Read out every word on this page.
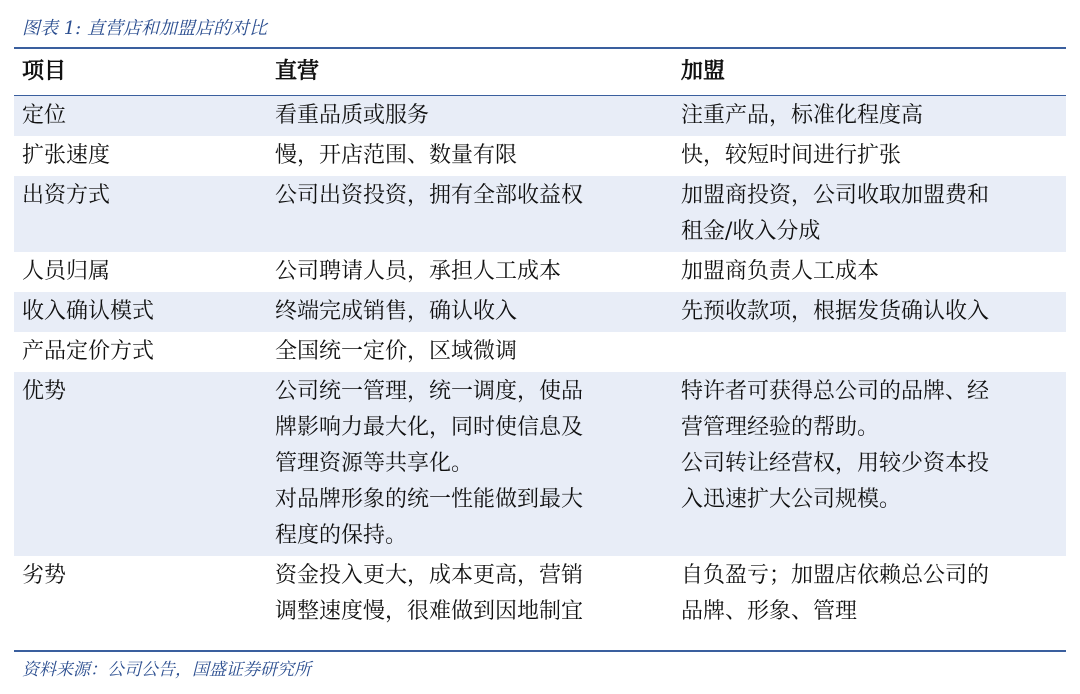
图表 1: 直营店和加盟店的对比
项目	直营	加盟
定位	看重品质或服务	注重产品，标准化程度高

扩张速度	慢，开店范围、数量有限	快，较短时间进行扩张

出资方式	公司出资投资，拥有全部收益权	加盟商投资，公司收取加盟费和
租金/收入分成

人员归属	公司聘请人员，承担人工成本	加盟商负责人工成本

收入确认模式	终端完成销售，确认收入	先预收款项，根据发货确认收入

产品定价方式	全国统一定价，区域微调	
优势	公司统一管理，统一调度，使品
牌影响力最大化，同时使信息及
管理资源等共享化。
对品牌形象的统一性能做到最大
程度的保持。	特许者可获得总公司的品牌、经
营管理经验的帮助。
公司转让经营权，用较少资本投
入迅速扩大公司规模。

劣势	资金投入更大，成本更高，营销
调整速度慢，很难做到因地制宜	自负盈亏；加盟店依赖总公司的
品牌、形象、管理
资料来源：公司公告，国盛证券研究所
